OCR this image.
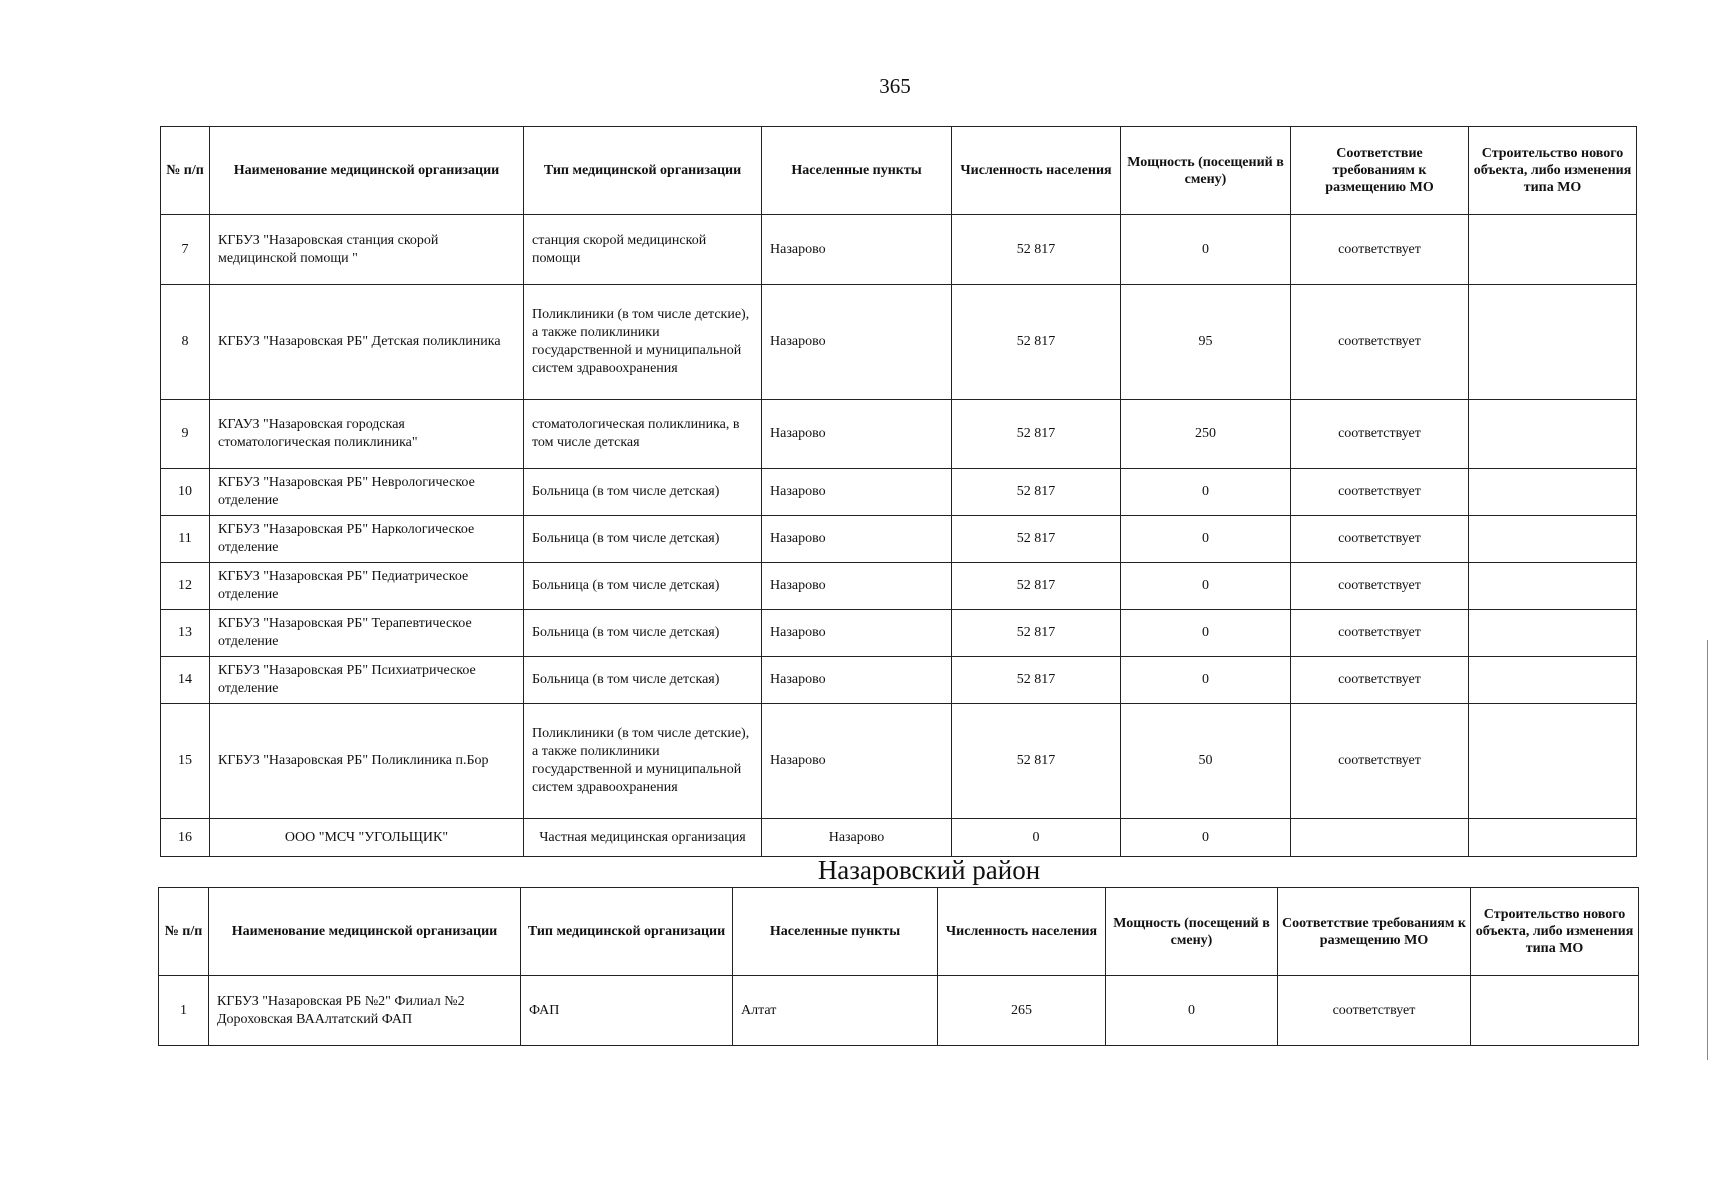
365
№ п/п	Наименование медицинской организации	Тип медицинской организации	Населенные пункты	Численность населения	Мощность (посещений в смену)	Соответствие требованиям к размещению МО	Строительство нового объекта, либо изменения типа МО
7	КГБУЗ "Назаровская станция скорой медицинской помощи "	станция скорой медицинской помощи	Назарово	52 817	0	соответствует	
8	КГБУЗ "Назаровская РБ" Детская поликлиника	Поликлиники (в том числе детские), а также поликлиники государственной и муниципальной систем здравоохранения	Назарово	52 817	95	соответствует	
9	КГАУЗ "Назаровская городская стоматологическая поликлиника"	стоматологическая поликлиника, в том числе детская	Назарово	52 817	250	соответствует	
10	КГБУЗ "Назаровская РБ" Неврологическое отделение	Больница (в том числе детская)	Назарово	52 817	0	соответствует	
11	КГБУЗ "Назаровская РБ" Наркологическое отделение	Больница (в том числе детская)	Назарово	52 817	0	соответствует	
12	КГБУЗ "Назаровская РБ" Педиатрическое отделение	Больница (в том числе детская)	Назарово	52 817	0	соответствует	
13	КГБУЗ "Назаровская РБ" Терапевтическое отделение	Больница (в том числе детская)	Назарово	52 817	0	соответствует	
14	КГБУЗ "Назаровская РБ" Психиатрическое отделение	Больница (в том числе детская)	Назарово	52 817	0	соответствует	
15	КГБУЗ "Назаровская РБ" Поликлиника п.Бор	Поликлиники (в том числе детские), а также поликлиники государственной и муниципальной систем здравоохранения	Назарово	52 817	50	соответствует	
16	ООО "МСЧ "УГОЛЬЩИК"	Частная медицинская организация	Назарово	0	0		
Назаровский район
№ п/п	Наименование медицинской организации	Тип медицинской организации	Населенные пункты	Численность населения	Мощность (посещений в смену)	Соответствие требованиям к размещению МО	Строительство нового объекта, либо изменения типа МО
1	КГБУЗ "Назаровская РБ №2" Филиал №2 Дороховская ВААлтатский ФАП	ФАП	Алтат	265	0	соответствует	
